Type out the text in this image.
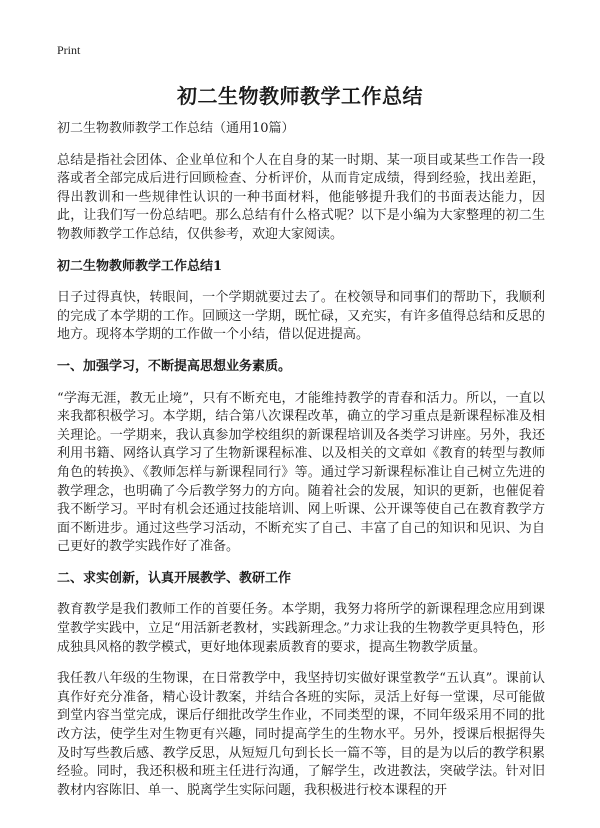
Print
初二生物教师教学工作总结

初二生物教师教学工作总结（通用10篇）

总结是指社会团体、企业单位和个人在自身的某一时期、某一项目或某些工作告一段落或者全部完成后进行回顾检查、分析评价，从而肯定成绩，得到经验，找出差距，得出教训和一些规律性认识的一种书面材料，他能够提升我们的书面表达能力，因此，让我们写一份总结吧。那么总结有什么格式呢？以下是小编为大家整理的初二生物教师教学工作总结，仅供参考，欢迎大家阅读。

初二生物教师教学工作总结1

日子过得真快，转眼间，一个学期就要过去了。在校领导和同事们的帮助下，我顺利的完成了本学期的工作。回顾这一学期，既忙碌，又充实，有许多值得总结和反思的地方。现将本学期的工作做一个小结，借以促进提高。

一、加强学习，不断提高思想业务素质。

“学海无涯，教无止境”，只有不断充电，才能维持教学的青春和活力。所以，一直以来我都积极学习。本学期，结合第八次课程改革，确立的学习重点是新课程标准及相关理论。一学期来，我认真参加学校组织的新课程培训及各类学习讲座。另外，我还利用书籍、网络认真学习了生物新课程标准、以及相关的文章如《教育的转型与教师角色的转换》、《教师怎样与新课程同行》等。通过学习新课程标准让自己树立先进的教学理念，也明确了今后教学努力的方向。随着社会的发展，知识的更新，也催促着我不断学习。平时有机会还通过技能培训、网上听课、公开课等使自己在教育教学方面不断进步。通过这些学习活动，不断充实了自己、丰富了自己的知识和见识、为自己更好的教学实践作好了准备。

二、求实创新，认真开展教学、教研工作

教育教学是我们教师工作的首要任务。本学期，我努力将所学的新课程理念应用到课堂教学实践中，立足“用活新老教材，实践新理念。”力求让我的生物教学更具特色，形成独具风格的教学模式，更好地体现素质教育的要求，提高生物教学质量。

我任教八年级的生物课，在日常教学中，我坚持切实做好课堂教学“五认真”。课前认真作好充分准备，精心设计教案，并结合各班的实际，灵活上好每一堂课，尽可能做到堂内容当堂完成，课后仔细批改学生作业，不同类型的课，不同年级采用不同的批改方法，使学生对生物更有兴趣，同时提高学生的生物水平。另外，授课后根据得失及时写些教后感、教学反思，从短短几句到长长一篇不等，目的是为以后的教学积累经验。同时，我还积极和班主任进行沟通，了解学生，改进教法，突破学法。针对旧教材内容陈旧、单一、脱离学生实际问题，我积极进行校本课程的开
